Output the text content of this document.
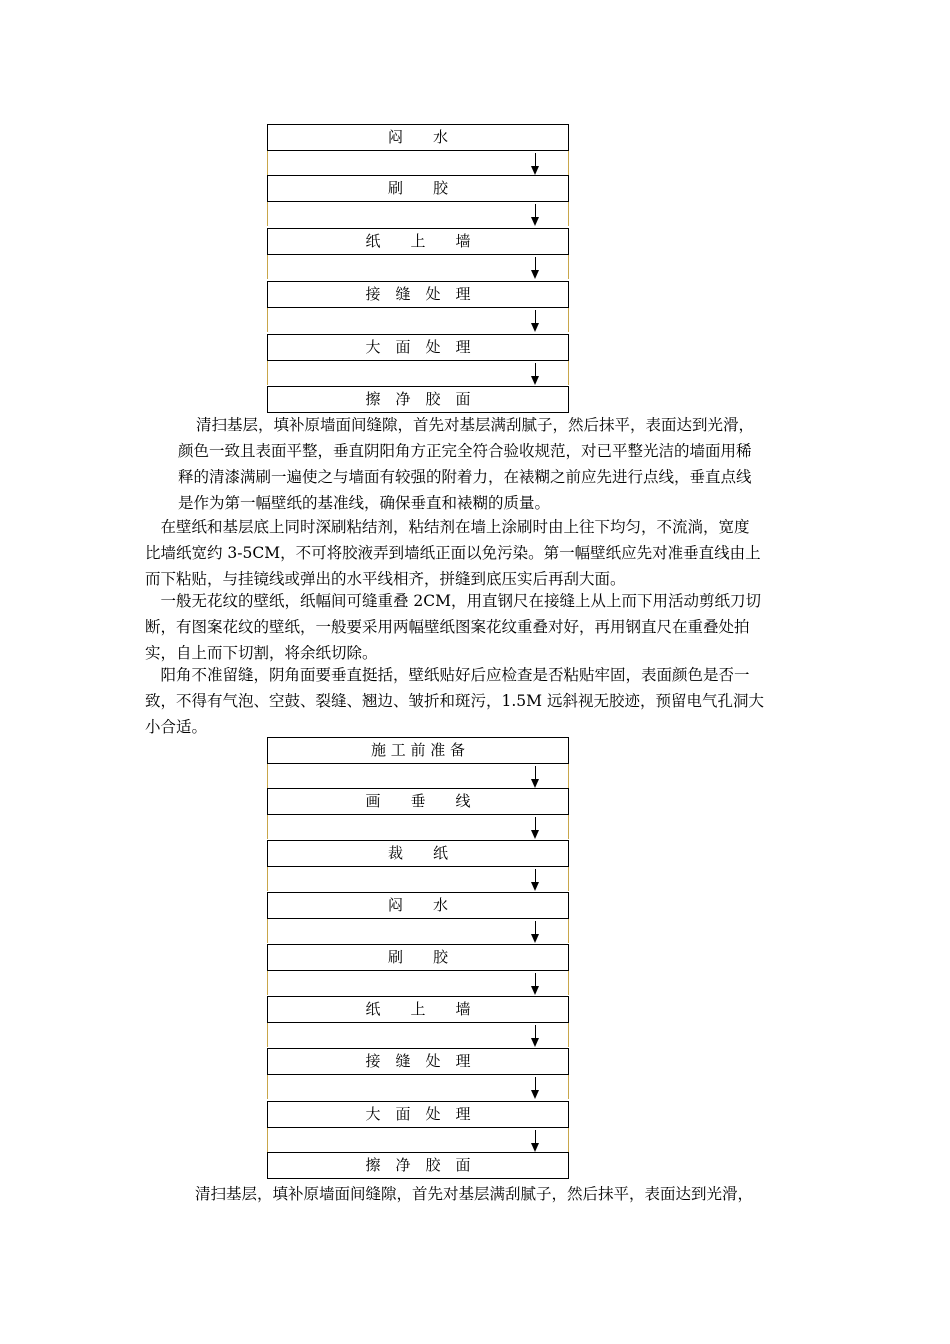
闷　　水
刷　　胶
纸　　上　　墙
接　缝　处　理
大　面　处　理
擦　净　胶　面
清扫基层，填补原墙面间缝隙，首先对基层满刮腻子，然后抹平，表面达到光滑，
颜色一致且表面平整，垂直阴阳角方正完全符合验收规范，对已平整光洁的墙面用稀
释的清漆满刷一遍使之与墙面有较强的附着力，在裱糊之前应先进行点线，垂直点线
是作为第一幅壁纸的基准线，确保垂直和裱糊的质量。
　在壁纸和基层底上同时深刷粘结剂，粘结剂在墙上涂刷时由上往下均匀，不流淌，宽度
比墙纸宽约 3-5CM，不可将胶液弄到墙纸正面以免污染。第一幅壁纸应先对准垂直线由上
而下粘贴，与挂镜线或弹出的水平线相齐，拼缝到底压实后再刮大面。
　一般无花纹的壁纸，纸幅间可缝重叠 2CM，用直钢尺在接缝上从上而下用活动剪纸刀切
断，有图案花纹的壁纸，一般要采用两幅壁纸图案花纹重叠对好，再用钢直尺在重叠处拍
实，自上而下切割，将余纸切除。
　阳角不准留缝，阴角面要垂直挺括，壁纸贴好后应检查是否粘贴牢固，表面颜色是否一
致，不得有气泡、空鼓、裂缝、翘边、皱折和斑污，1.5M 远斜视无胶迹，预留电气孔洞大
小合适。
施 工 前 准 备
画　　垂　　线
裁　　纸
闷　　水
刷　　胶
纸　　上　　墙
接　缝　处　理
大　面　处　理
擦　净　胶　面

清扫基层，填补原墙面间缝隙，首先对基层满刮腻子，然后抹平，表面达到光滑，
